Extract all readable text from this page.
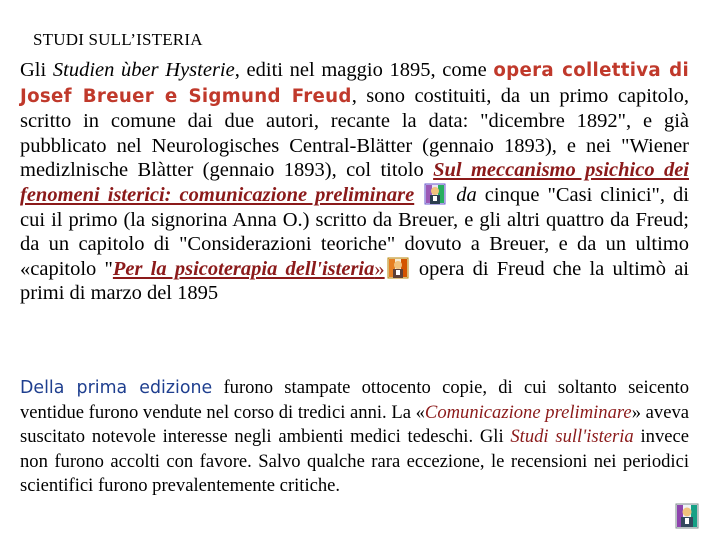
STUDI SULL’ISTERIA

Gli Studien ùber Hysterie, editi nel maggio 1895, come opera collettiva di Josef Breuer e Sigmund Freud, sono costituiti, da un primo capitolo, scritto in comune dai due autori, recante la data: "dicembre 1892", e già pubblicato nel Neurologisches Central-Blätter (gennaio 1893), e nei "Wiener medizlnische Blàtter (gennaio 1893), col titolo Sul meccanismo psichico dei fenomeni isterici: comunicazione preliminare  da cinque "Casi clinici", di cui il primo (la signorina Anna O.) scritto da Breuer, e gli altri quattro da Freud; da un capitolo di "Considerazioni teoriche" dovuto a Breuer, e da un ultimo «capitolo "Per la psicoterapia dell'isteria» opera di Freud che la ultimò ai primi di marzo del 1895

Della prima edizione furono stampate ottocento copie, di cui soltanto seicento ventidue furono vendute nel corso di tredici anni. La «Comunicazione preliminare» aveva suscitato notevole interesse negli ambienti medici tedeschi. Gli Studi sull'isteria invece non furono accolti con favore. Salvo qualche rara eccezione, le recensioni nei periodici scientifici furono prevalentemente critiche.
